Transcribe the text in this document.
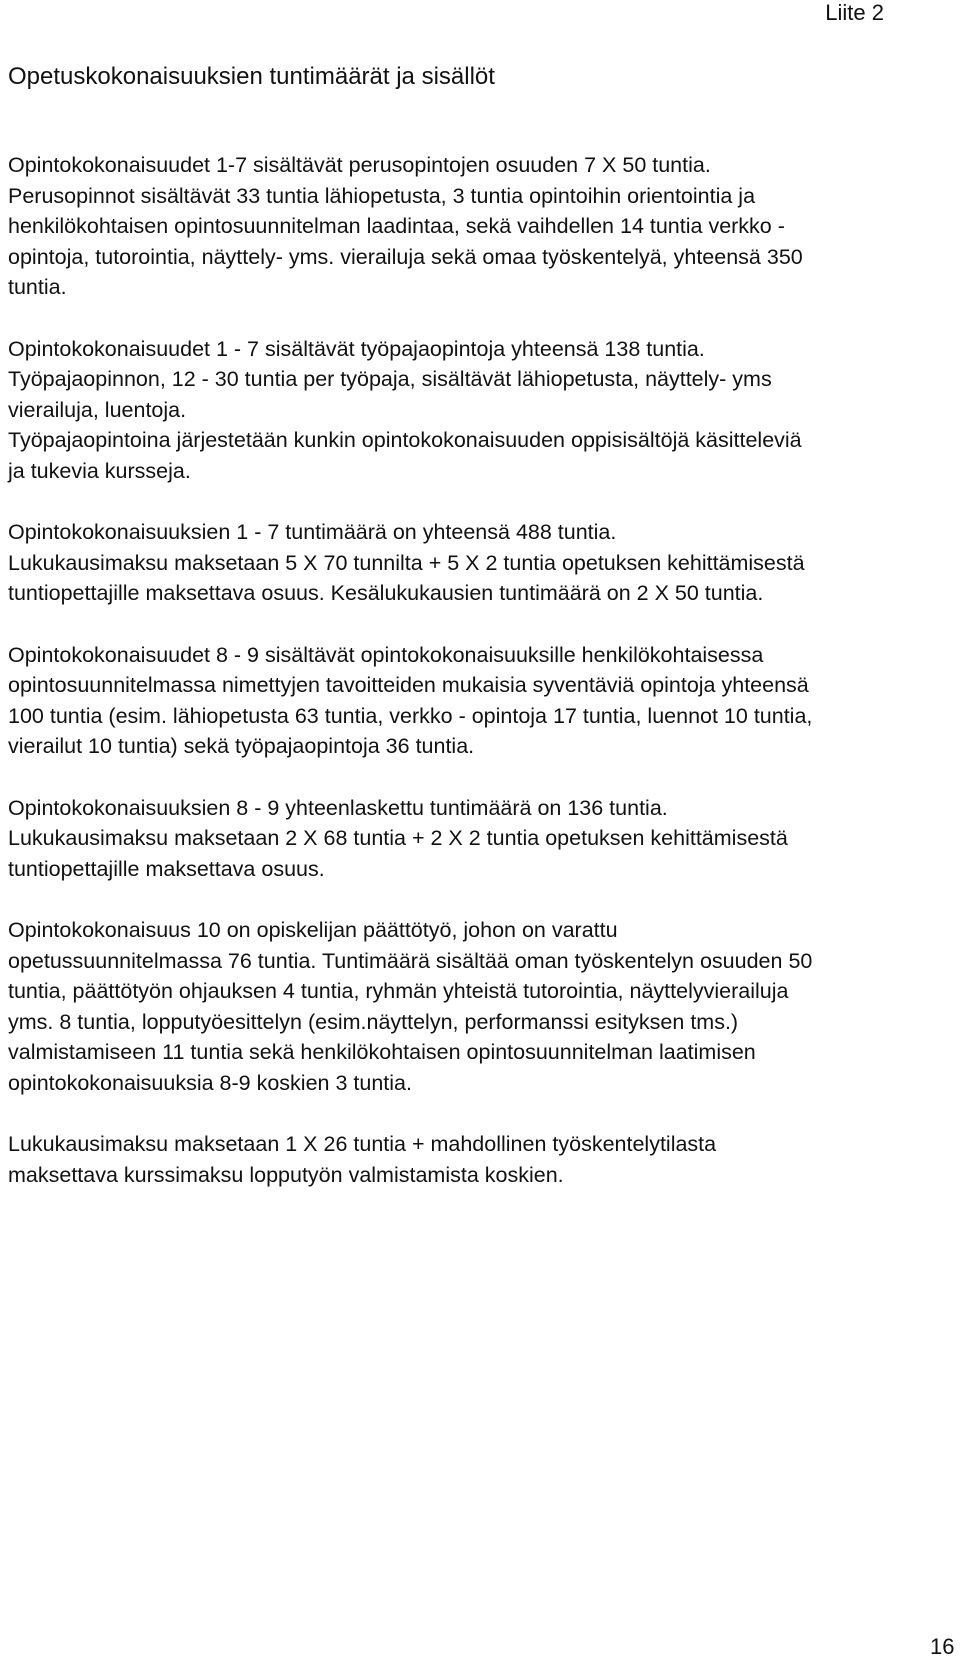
Liite 2
Opetuskokonaisuuksien tuntimäärät ja sisällöt

Opintokokonaisuudet 1-7 sisältävät perusopintojen osuuden 7 X 50 tuntia.
Perusopinnot sisältävät 33 tuntia lähiopetusta, 3 tuntia opintoihin orientointia ja
henkilökohtaisen opintosuunnitelman laadintaa, sekä vaihdellen 14 tuntia verkko -
opintoja, tutorointia, näyttely- yms. vierailuja sekä omaa työskentelyä, yhteensä 350
tuntia.

Opintokokonaisuudet 1 - 7 sisältävät työpajaopintoja yhteensä 138 tuntia.
Työpajaopinnon, 12 - 30 tuntia per työpaja, sisältävät lähiopetusta, näyttely- yms
vierailuja, luentoja.
Työpajaopintoina järjestetään kunkin opintokokonaisuuden oppisisältöjä käsitteleviä
ja tukevia kursseja.

Opintokokonaisuuksien 1 - 7 tuntimäärä on yhteensä 488 tuntia.
Lukukausimaksu maksetaan 5 X 70 tunnilta + 5 X 2 tuntia opetuksen kehittämisestä
tuntiopettajille maksettava osuus. Kesälukukausien tuntimäärä on 2 X 50 tuntia.

Opintokokonaisuudet 8 - 9 sisältävät opintokokonaisuuksille henkilökohtaisessa
opintosuunnitelmassa nimettyjen tavoitteiden mukaisia syventäviä opintoja yhteensä
100 tuntia (esim. lähiopetusta 63 tuntia, verkko - opintoja 17 tuntia, luennot 10 tuntia,
vierailut 10 tuntia) sekä työpajaopintoja 36 tuntia.

Opintokokonaisuuksien 8 - 9 yhteenlaskettu tuntimäärä on 136 tuntia.
Lukukausimaksu maksetaan 2 X 68 tuntia + 2 X 2 tuntia opetuksen kehittämisestä
tuntiopettajille maksettava osuus.

Opintokokonaisuus 10 on opiskelijan päättötyö, johon on varattu
opetussuunnitelmassa 76 tuntia. Tuntimäärä sisältää oman työskentelyn osuuden 50
tuntia, päättötyön ohjauksen 4 tuntia, ryhmän yhteistä tutorointia, näyttelyvierailuja
yms. 8 tuntia, lopputyöesittelyn (esim.näyttelyn, performanssi esityksen tms.)
valmistamiseen 11 tuntia sekä henkilökohtaisen opintosuunnitelman laatimisen
opintokokonaisuuksia 8-9 koskien 3 tuntia.

Lukukausimaksu maksetaan 1 X 26 tuntia + mahdollinen työskentelytilasta
maksettava kurssimaksu lopputyön valmistamista koskien.

16
